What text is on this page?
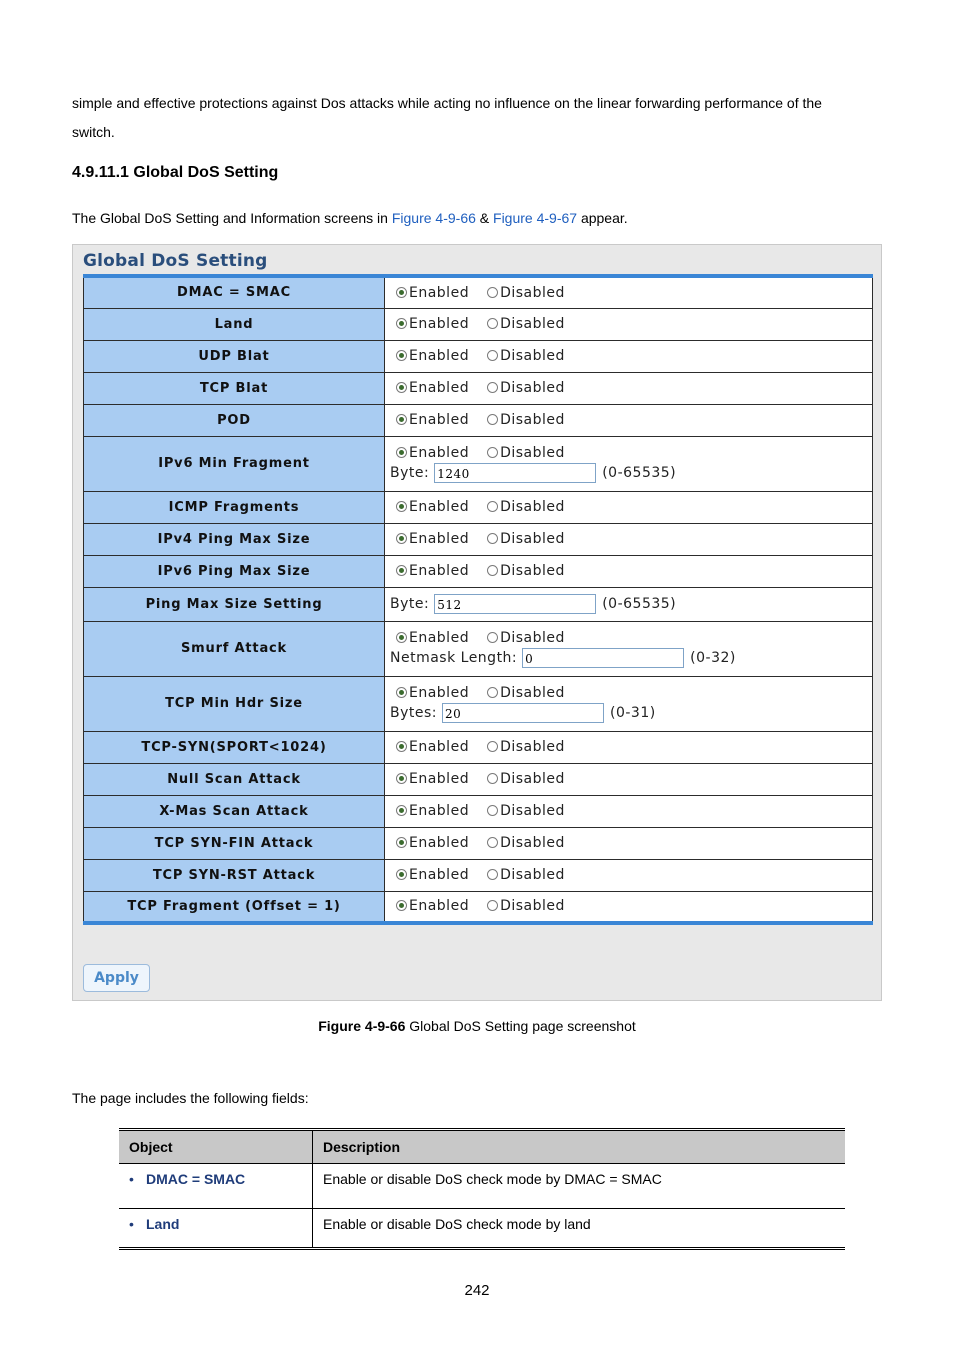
simple and effective protections against Dos attacks while acting no influence on the linear forwarding performance of the
switch.

4.9.11.1 Global DoS Setting

The Global DoS Setting and Information screens in Figure 4-9-66 & Figure 4-9-67 appear.

Global DoS Setting
DMAC = SMAC	Enabled Disabled

Land	Enabled Disabled

UDP Blat	Enabled Disabled

TCP Blat	Enabled Disabled

POD	Enabled Disabled

IPv6 Min Fragment	Enabled Disabled
Byte: 1240 (0-65535)

ICMP Fragments	Enabled Disabled

IPv4 Ping Max Size	Enabled Disabled

IPv6 Ping Max Size	Enabled Disabled

Ping Max Size Setting	Byte: 512 (0-65535)

Smurf Attack	Enabled Disabled
Netmask Length: 0 (0-32)

TCP Min Hdr Size	Enabled Disabled
Bytes: 20 (0-31)

TCP-SYN(SPORT<1024)	Enabled Disabled

Null Scan Attack	Enabled Disabled

X-Mas Scan Attack	Enabled Disabled

TCP SYN-FIN Attack	Enabled Disabled

TCP SYN-RST Attack	Enabled Disabled

TCP Fragment (Offset = 1)	Enabled Disabled
Apply
Figure 4-9-66 Global DoS Setting page screenshot

The page includes the following fields:

Object	Description
• DMAC = SMAC	Enable or disable DoS check mode by DMAC = SMAC
• Land	Enable or disable DoS check mode by land
242
